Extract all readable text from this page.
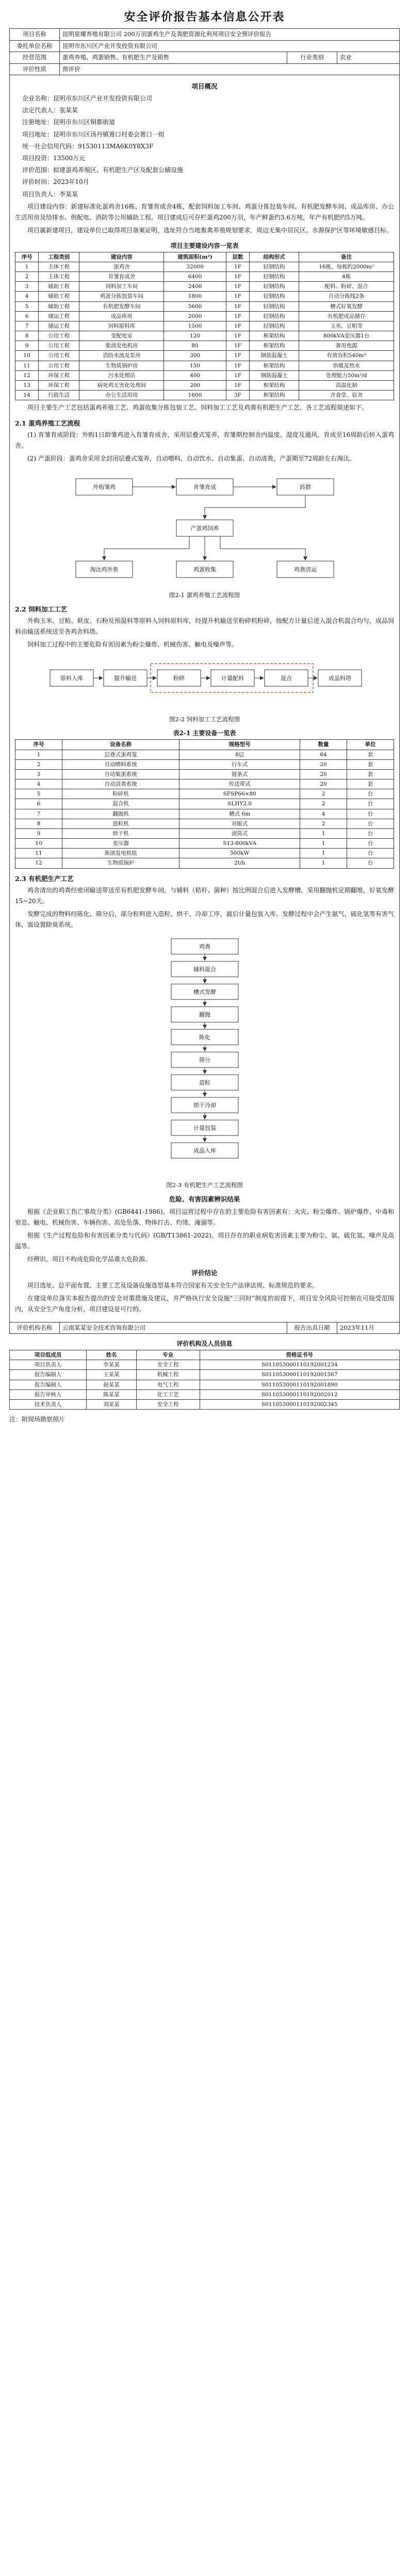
安全评价报告基本信息公开表
项目名称	昆明星耀养殖有限公司 200万羽蛋鸡生产及粪肥资源化利用项目安全预评价报告		
委托单位名称	昆明市东川区产业开发投资有限公司		
经营范围	蛋鸡养殖、鸡蛋销售、有机肥生产及销售	行业类别	农业
评价性质	预评价		
项目概况
企业名称：昆明市东川区产业开发投资有限公司
法定代表人：张某某
注册地址：昆明市东川区铜都街道
项目地址：昆明市东川区汤丹镇箐口村委会箐口一组
统一社会信用代码：91530113MA6K0Y8X3F
项目投资：13500万元
评价范围：拟建蛋鸡养殖区、有机肥生产区及配套公辅设施
评价时间：2023年10月
项目负责人：李某某

项目建设内容：新建标准化蛋鸡舍16栋、育雏育成舍4栋，配套饲料加工车间、鸡蛋分拣包装车间、有机肥发酵车间、成品库房、办公生活用房及给排水、供配电、消防等公用辅助工程。项目建成后可存栏蛋鸡200万羽，年产鲜蛋约3.6万吨，年产有机肥约5万吨。

项目属新建项目，建设单位已取得项目备案证明，选址符合当地畜禽养殖规划要求，周边无集中居民区、水源保护区等环境敏感目标。

项目主要建设内容一览表
序号	工程类别	建设内容	建筑面积(m²)	层数	结构形式	备注
1	主体工程	蛋鸡舍	32000	1F	轻钢结构	16栋，每栋约2000m²
2	主体工程	育雏育成舍	6400	1F	轻钢结构	4栋
3	辅助工程	饲料加工车间	2400	1F	轻钢结构	配料、粉碎、混合
4	辅助工程	鸡蛋分拣包装车间	1800	1F	轻钢结构	自动分拣线2条
5	辅助工程	有机肥发酵车间	5600	1F	轻钢结构	槽式好氧发酵
6	储运工程	成品库房	2000	1F	轻钢结构	有机肥成品储存
7	储运工程	饲料原料库	1500	1F	轻钢结构	玉米、豆粕等
8	公用工程	变配电室	120	1F	框架结构	800kVA变压器1台
9	公用工程	柴油发电机房	80	1F	框架结构	备用电源
10	公用工程	消防水池及泵房	300	1F	钢筋混凝土	有效容积540m³
11	公用工程	生物质锅炉房	150	1F	框架结构	供暖及热水
12	环保工程	污水处理站	400	1F	钢筋混凝土	处理能力50m³/d
13	环保工程	病死鸡无害化处理间	200	1F	框架结构	高温化制
14	行政生活	办公生活用房	1600	3F	框架结构	含食堂、宿舍

项目主要生产工艺包括蛋鸡养殖工艺、鸡蛋收集分拣包装工艺、饲料加工工艺及鸡粪有机肥生产工艺，各工艺流程简述如下。

2.1 蛋鸡养殖工艺流程

(1) 育雏育成阶段：外购1日龄雏鸡进入育雏育成舍，采用层叠式笼养，育雏期控制舍内温度、湿度及通风，育成至16周龄后转入蛋鸡舍。

(2) 产蛋阶段：蛋鸡舍采用全封闭层叠式笼养，自动喂料、自动饮水、自动集蛋、自动清粪，产蛋期至72周龄左右淘汰。

外购雏鸡	育雏育成	转群
产蛋鸡饲养
淘汰鸡外售	鸡蛋收集	鸡粪清运
图2-1 蛋鸡养殖工艺流程图
2.2 饲料加工工艺

外购玉米、豆粕、麸皮、石粉及预混料等原料入饲料原料库，经提升机输送至粉碎机粉碎，按配方计量后进入混合机混合均匀，成品饲料由输送系统送至各鸡舍料塔。

饲料加工过程中的主要危险有害因素为粉尘爆炸、机械伤害、触电及噪声等。

原料入库	提升输送	粉碎	计量配料	混合	成品料塔
图2-2 饲料加工工艺流程图
表2-1 主要设备一览表
序号	设备名称	规格型号	数量	单位
1	层叠式蛋鸡笼	8层	64	套
2	自动喂料系统	行车式	20	套
3	自动集蛋系统	链条式	20	套
4	自动清粪系统	传送带式	20	套
5	粉碎机	SFSP66×80	2	台
6	混合机	SLHY2.0	2	台
7	翻抛机	槽式 6m	4	台
8	造粒机	对辊式	2	台
9	烘干机	滚筒式	1	台
10	变压器	S13-800kVA	1	台
11	柴油发电机组	500kW	1	台
12	生物质锅炉	2t/h	1	台
2.3 有机肥生产工艺

鸡舍清出的鸡粪经密闭输送带送至有机肥发酵车间，与辅料（秸秆、菌种）按比例混合后进入发酵槽，采用翻抛机定期翻堆，好氧发酵15~20天。

发酵完成的物料经陈化、筛分后，部分粒料进入造粒、烘干、冷却工序，最后计量包装入库。发酵过程中会产生氨气、硫化氢等有害气体，需设置除臭系统。

鸡粪
辅料混合
槽式发酵
翻抛
陈化
筛分
造粒
烘干冷却
计量包装
成品入库
图2-3 有机肥生产工艺流程图
危险、有害因素辨识结果

根据《企业职工伤亡事故分类》(GB6441-1986)，项目运营过程中存在的主要危险有害因素有：火灾、粉尘爆炸、锅炉爆炸、中毒和窒息、触电、机械伤害、车辆伤害、高处坠落、物体打击、灼烫、淹溺等。

根据《生产过程危险和有害因素分类与代码》(GB/T13861-2022)，项目存在的职业病危害因素主要为粉尘、氨、硫化氢、噪声及高温等。

经辨识，项目不构成危险化学品重大危险源。

评价结论

项目选址、总平面布置、主要工艺及设备设施选型基本符合国家有关安全生产法律法规、标准规范的要求。

在建设单位落实本报告提出的安全对策措施及建议，并严格执行安全设施"三同时"制度的前提下，项目安全风险可控制在可接受范围内，从安全生产角度分析，项目建设是可行的。

评价机构名称	云南某某安全技术咨询有限公司	报告出具日期	2023年11月
评价机构及人员信息
项目组成员	姓名	专业	资格证书号
项目负责人	李某某	安全工程	S011053000110192001234
报告编制人	王某某	机械工程	S011053000110192001567
报告编制人	赵某某	电气工程	S011053000110192001890
报告审核人	陈某某	化工工艺	S011053000110192002012
技术负责人	刘某某	安全工程	S011053000110192002345
注：附现场勘察照片
